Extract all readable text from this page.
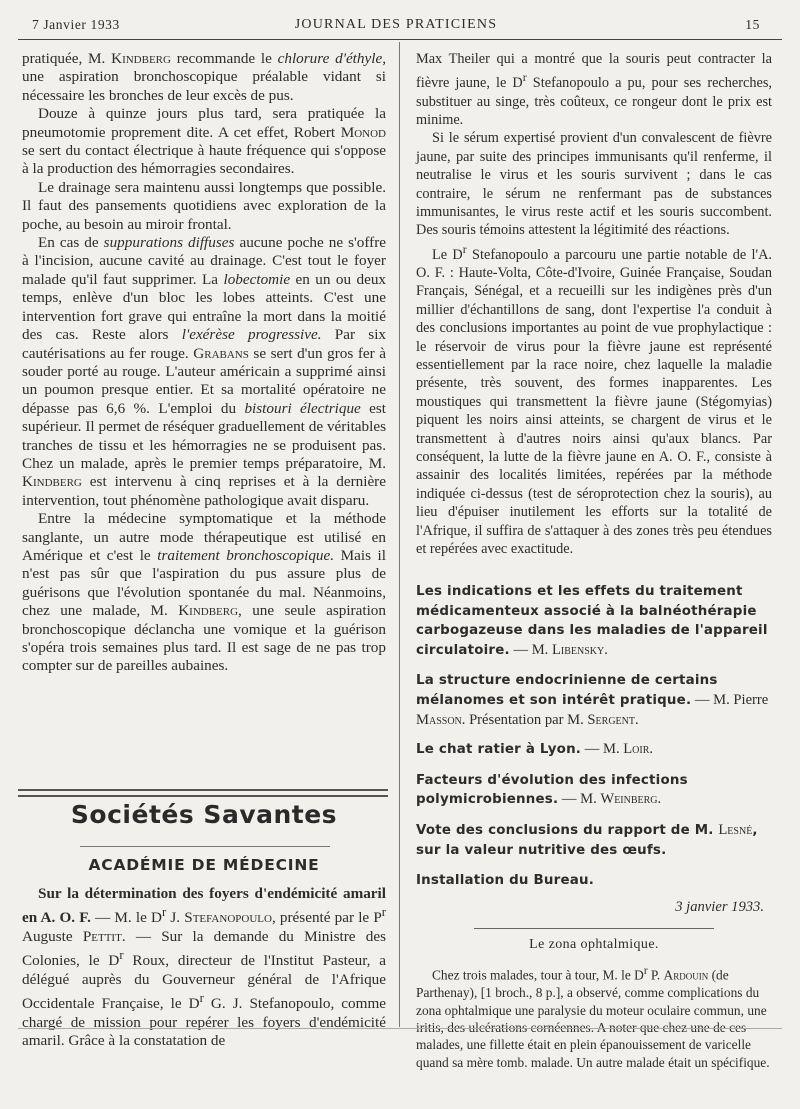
7 Janvier 1933	JOURNAL DES PRATICIENS	15

pratiquée, M. Kindberg recommande le chlorure d'éthyle, une aspiration bronchoscopique préalable vidant si nécessaire les bronches de leur excès de pus.

Douze à quinze jours plus tard, sera pratiquée la pneumotomie proprement dite. A cet effet, Robert Monod se sert du contact électrique à haute fréquence qui s'oppose à la production des hémorragies secondaires.

Le drainage sera maintenu aussi longtemps que possible. Il faut des pansements quotidiens avec exploration de la poche, au besoin au miroir frontal.

En cas de suppurations diffuses aucune poche ne s'offre à l'incision, aucune cavité au drainage. C'est tout le foyer malade qu'il faut supprimer. La lobectomie en un ou deux temps, enlève d'un bloc les lobes atteints. C'est une intervention fort grave qui entraîne la mort dans la moitié des cas. Reste alors l'exérèse progressive. Par six cautérisations au fer rouge. Grabans se sert d'un gros fer à souder porté au rouge. L'auteur américain a supprimé ainsi un poumon presque entier. Et sa mortalité opératoire ne dépasse pas 6,6 %. L'emploi du bistouri électrique est supérieur. Il permet de réséquer graduellement de véritables tranches de tissu et les hémorragies ne se produisent pas. Chez un malade, après le premier temps préparatoire, M. Kindberg est intervenu à cinq reprises et à la dernière intervention, tout phénomène pathologique avait disparu.

Entre la médecine symptomatique et la méthode sanglante, un autre mode thérapeutique est utilisé en Amérique et c'est le traitement bronchoscopique. Mais il n'est pas sûr que l'aspiration du pus assure plus de guérisons que l'évolution spontanée du mal. Néanmoins, chez une malade, M. Kindberg, une seule aspiration bronchoscopique déclancha une vomique et la guérison s'opéra trois semaines plus tard. Il est sage de ne pas trop compter sur de pareilles aubaines.

Sociétés Savantes
ACADÉMIE DE MÉDECINE

Sur la détermination des foyers d'endémicité amaril en A. O. F. — M. le $D^r$ J. Stefanopoulo, présenté par le $P^r$ Auguste Pettit. — Sur la demande du Ministre des Colonies, le $D^r$ Roux, directeur de l'Institut Pasteur, a délégué auprès du Gouverneur général de l'Afrique Occidentale Française, le $D^r$ G. J. Stefanopoulo, comme chargé de mission pour repérer les foyers d'endémicité amaril. Grâce à la constatation de

Max Theiler qui a montré que la souris peut contracter la fièvre jaune, le $D^r$ Stefanopoulo a pu, pour ses recherches, substituer au singe, très coûteux, ce rongeur dont le prix est minime.

Si le sérum expertisé provient d'un convalescent de fièvre jaune, par suite des principes immunisants qu'il renferme, il neutralise le virus et les souris survivent ; dans le cas contraire, le sérum ne renfermant pas de substances immunisantes, le virus reste actif et les souris succombent. Des souris témoins attestent la légitimité des réactions.

Le $D^r$ Stefanopoulo a parcouru une partie notable de l'A. O. F. : Haute-Volta, Côte-d'Ivoire, Guinée Française, Soudan Français, Sénégal, et a recueilli sur les indigènes près d'un millier d'échantillons de sang, dont l'expertise l'a conduit à des conclusions importantes au point de vue prophylactique : le réservoir de virus pour la fièvre jaune est représenté essentiellement par la race noire, chez laquelle la maladie présente, très souvent, des formes inapparentes. Les moustiques qui transmettent la fièvre jaune (Stégomyias) piquent les noirs ainsi atteints, se chargent de virus et le transmettent à d'autres noirs ainsi qu'aux blancs. Par conséquent, la lutte de la fièvre jaune en A. O. F., consiste à assainir des localités limitées, repérées par la méthode indiquée ci-dessus (test de séroprotection chez la souris), au lieu d'épuiser inutilement les efforts sur la totalité de l'Afrique, il suffira de s'attaquer à des zones très peu étendues et repérées avec exactitude.

Les indications et les effets du traitement médicamenteux associé à la balnéothérapie carbogazeuse dans les maladies de l'appareil circulatoire. — M. Libensky.

La structure endocrinienne de certains mélanomes et son intérêt pratique. — M. Pierre Masson. Présentation par M. Sergent.

Le chat ratier à Lyon. — M. Loir.

Facteurs d'évolution des infections polymicrobiennes. — M. Weinberg.

Vote des conclusions du rapport de M. Lesné, sur la valeur nutritive des œufs.

Installation du Bureau.

3 janvier 1933.

Le zona ophtalmique.

Chez trois malades, tour à tour, M. le $D^r$ P. Ardouin (de Parthenay), [1 broch., 8 p.], a observé, comme complications du zona ophtalmique une paralysie du moteur oculaire commun, une iritis, des ulcérations cornéennes. A noter que chez une de ces malades, une fillette était en plein épanouissement de varicelle quand sa mère tomb. malade. Un autre malade était un spécifique.
